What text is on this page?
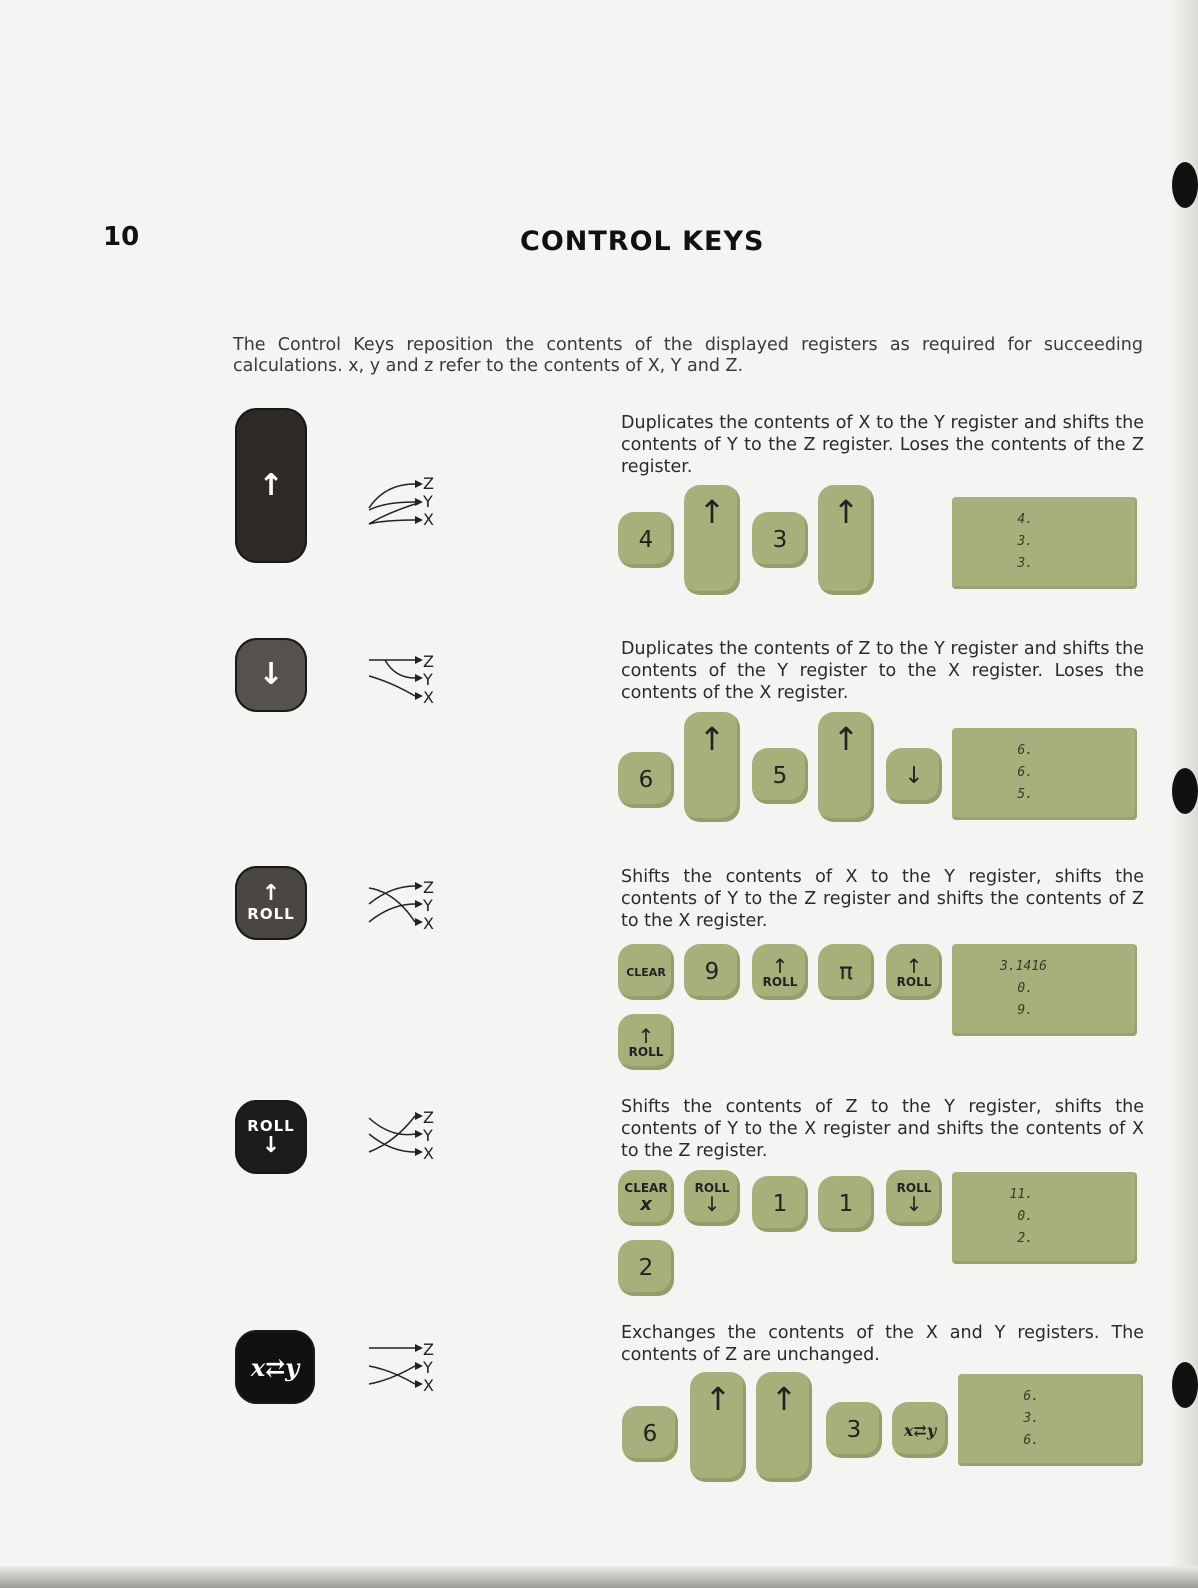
10	CONTROL KEYS
The Control Keys reposition the contents of the displayed registers as required for succeeding calculations. x, y and z refer to the contents of X, Y and Z.
↑	Z
Y
X
Duplicates the contents of X to the Y register and shifts the contents of Y to the Z register. Loses the contents of the Z register.
4
↑
3
↑	4.
3.
3.
↓	Z
Y
X
Duplicates the contents of Z to the Y register and shifts the contents of the Y register to the X register. Loses the contents of the X register.
6
↑
5
↑
↓
6.
6.
5.
↑
ROLL
Z
Y
X
Shifts the contents of X to the Y register, shifts the contents of Y to the Z register and shifts the contents of Z to the X register.
CLEAR 9	↑
ROLL π	↑
ROLL
↑
ROLL
3.1416
0.
9.
ROLL
↓
Z
Y
X
Shifts the contents of Z to the Y register, shifts the contents of Y to the X register and shifts the contents of X to the Z register.
CLEAR
x
ROLL
↓ 1 1
ROLL
↓
2
11.
0.
2.
x⇄y
Z
Y
X
Exchanges the contents of the X and Y registers. The contents of Z are unchanged.
6
↑	↑
3	x⇄y
6.
3.
6.
